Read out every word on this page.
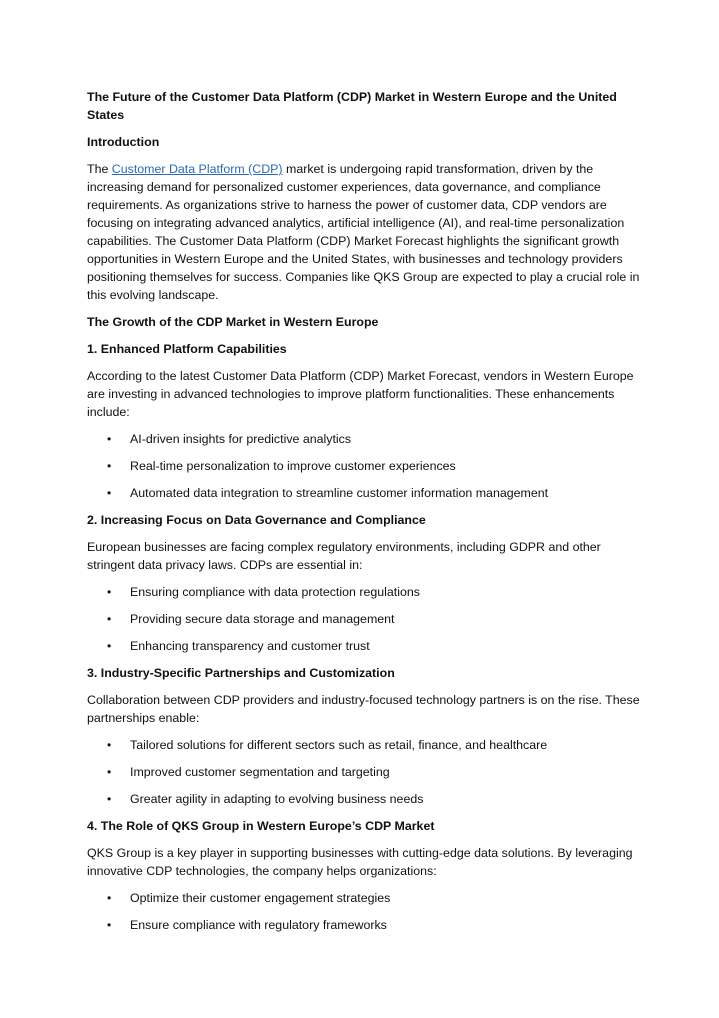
The Future of the Customer Data Platform (CDP) Market in Western Europe and the United States
Introduction
The Customer Data Platform (CDP) market is undergoing rapid transformation, driven by the increasing demand for personalized customer experiences, data governance, and compliance requirements. As organizations strive to harness the power of customer data, CDP vendors are focusing on integrating advanced analytics, artificial intelligence (AI), and real-time personalization capabilities. The Customer Data Platform (CDP) Market Forecast highlights the significant growth opportunities in Western Europe and the United States, with businesses and technology providers positioning themselves for success. Companies like QKS Group are expected to play a crucial role in this evolving landscape.
The Growth of the CDP Market in Western Europe
1. Enhanced Platform Capabilities
According to the latest Customer Data Platform (CDP) Market Forecast, vendors in Western Europe are investing in advanced technologies to improve platform functionalities. These enhancements include:
• AI-driven insights for predictive analytics
• Real-time personalization to improve customer experiences
• Automated data integration to streamline customer information management
2. Increasing Focus on Data Governance and Compliance
European businesses are facing complex regulatory environments, including GDPR and other stringent data privacy laws. CDPs are essential in:
• Ensuring compliance with data protection regulations
• Providing secure data storage and management
• Enhancing transparency and customer trust
3. Industry-Specific Partnerships and Customization
Collaboration between CDP providers and industry-focused technology partners is on the rise. These partnerships enable:
• Tailored solutions for different sectors such as retail, finance, and healthcare
• Improved customer segmentation and targeting
• Greater agility in adapting to evolving business needs
4. The Role of QKS Group in Western Europe’s CDP Market
QKS Group is a key player in supporting businesses with cutting-edge data solutions. By leveraging innovative CDP technologies, the company helps organizations:
• Optimize their customer engagement strategies
• Ensure compliance with regulatory frameworks
